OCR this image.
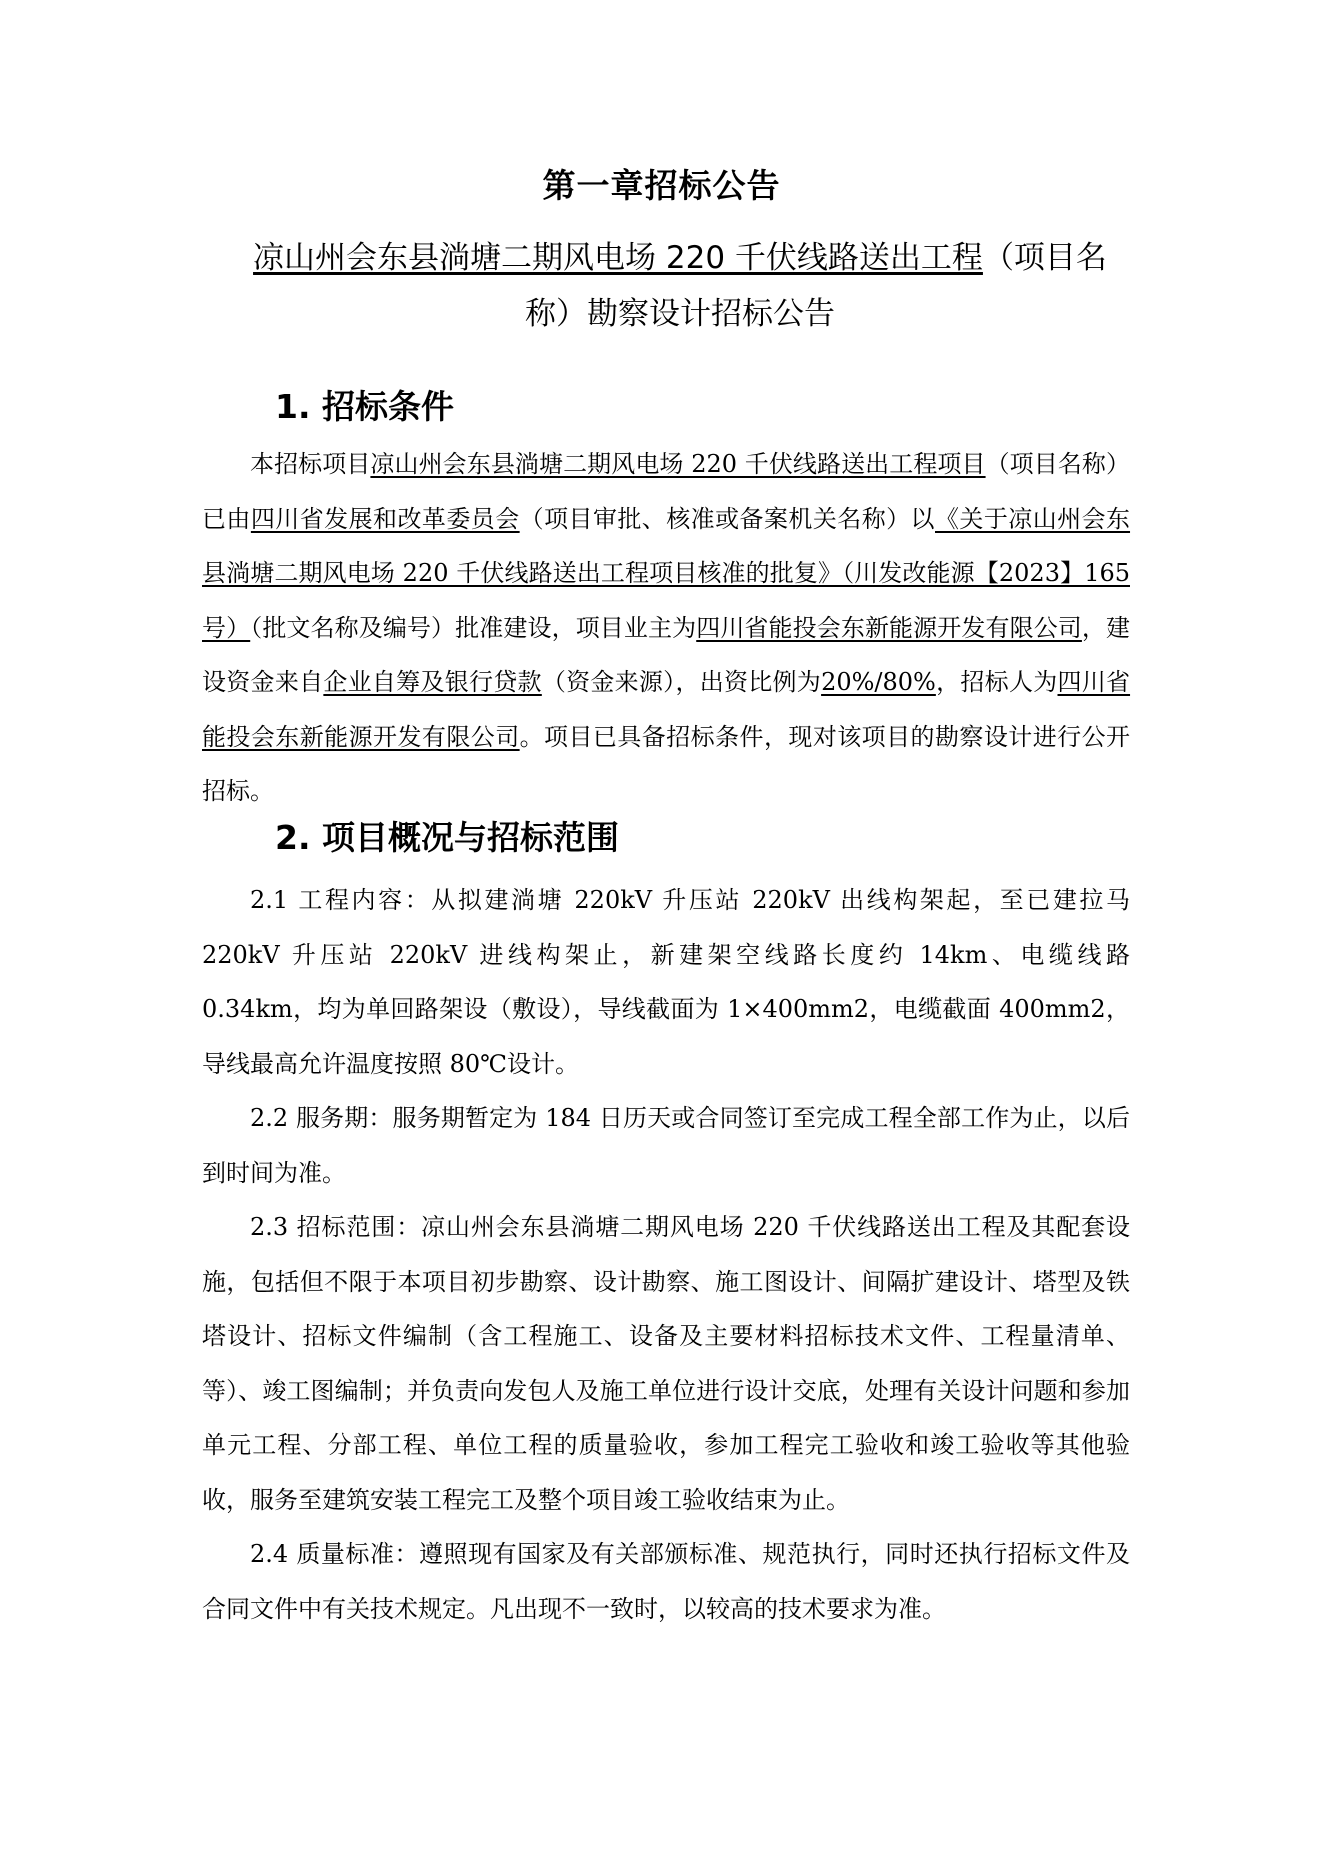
第一章招标公告
凉山州会东县淌塘二期风电场 220 千伏线路送出工程（项目名称）勘察设计招标公告
1. 招标条件

本招标项目凉山州会东县淌塘二期风电场 220 千伏线路送出工程项目（项目名称）已由四川省发展和改革委员会（项目审批、核准或备案机关名称）以《关于凉山州会东县淌塘二期风电场 220 千伏线路送出工程项目核准的批复》（川发改能源【2023】165 号）（批文名称及编号）批准建设，项目业主为四川省能投会东新能源开发有限公司，建设资金来自企业自筹及银行贷款（资金来源），出资比例为20%/80%，招标人为四川省能投会东新能源开发有限公司。项目已具备招标条件，现对该项目的勘察设计进行公开招标。

2. 项目概况与招标范围

2.1 工程内容：从拟建淌塘 220kV 升压站 220kV 出线构架起，至已建拉马 220kV 升压站 220kV 进线构架止，新建架空线路长度约 14km、电缆线路 0.34km，均为单回路架设（敷设），导线截面为 1×400mm2，电缆截面 400mm2，导线最高允许温度按照 80℃设计。

2.2 服务期：服务期暂定为 184 日历天或合同签订至完成工程全部工作为止，以后到时间为准。

2.3 招标范围：凉山州会东县淌塘二期风电场 220 千伏线路送出工程及其配套设施，包括但不限于本项目初步勘察、设计勘察、施工图设计、间隔扩建设计、塔型及铁塔设计、招标文件编制（含工程施工、设备及主要材料招标技术文件、工程量清单、等）、竣工图编制；并负责向发包人及施工单位进行设计交底，处理有关设计问题和参加单元工程、分部工程、单位工程的质量验收，参加工程完工验收和竣工验收等其他验收，服务至建筑安装工程完工及整个项目竣工验收结束为止。

2.4 质量标准：遵照现有国家及有关部颁标准、规范执行，同时还执行招标文件及合同文件中有关技术规定。凡出现不一致时，以较高的技术要求为准。
